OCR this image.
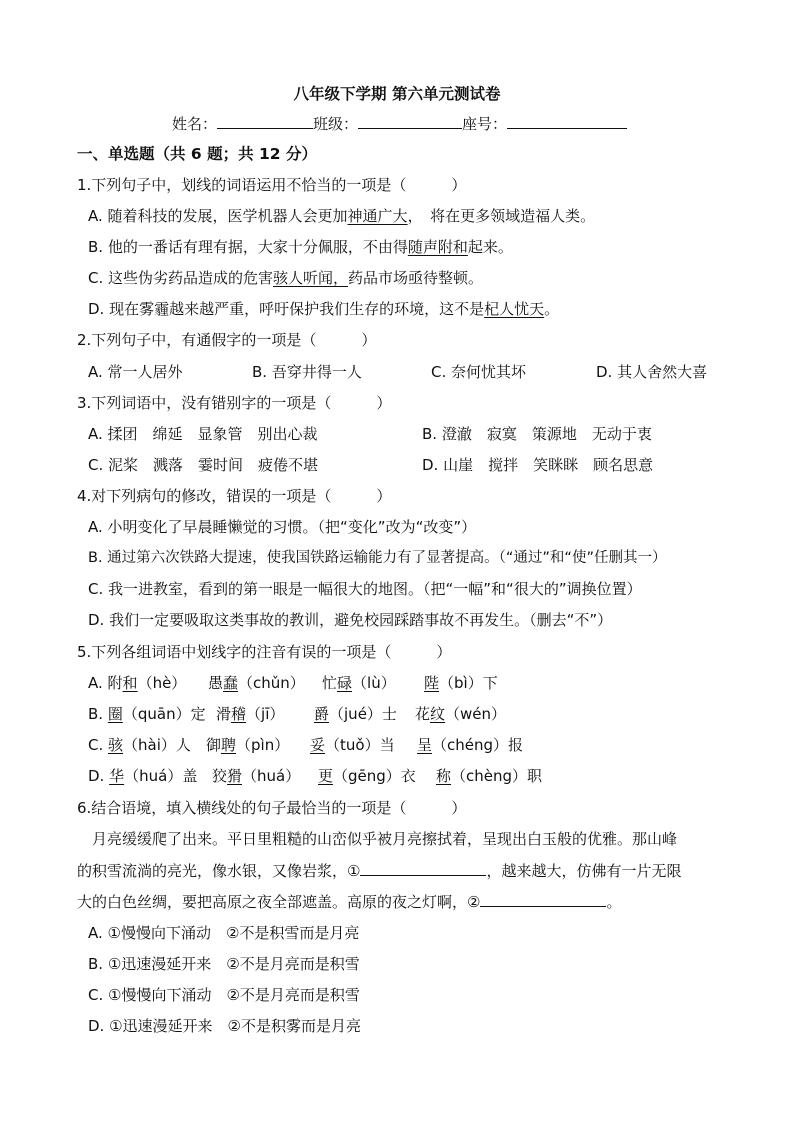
八年级下学期 第六单元测试卷
姓名：	班级：	座号：
一、单选题（共 6 题；共 12 分）
1.下列句子中，划线的词语运用不恰当的一项是（　　　）
A. 随着科技的发展，医学机器人会更加神通广大，　将在更多领域造福人类。
B. 他的一番话有理有据，大家十分佩服，不由得随声附和起来。
C. 这些伪劣药品造成的危害骇人听闻，药品市场亟待整顿。
D. 现在雾霾越来越严重，呼吁保护我们生存的环境，这不是杞人忧天。
2.下列句子中，有通假字的一项是（　　　）
A. 常一人居外	B. 吾穿井得一人	C. 奈何忧其坏	D. 其人舍然大喜
3.下列词语中，没有错别字的一项是（　　　）
A. 揉团　绵延　显象管　别出心裁	B. 澄澈　寂寞　策源地　无动于衷
C. 泥桨　溅落　霎时间　疲倦不堪	D. 山崖　搅拌　笑眯眯　顾名思意
4.对下列病句的修改，错误的一项是（　　　）
A. 小明变化了早晨睡懒觉的习惯。（把“变化”改为“改变”）
B. 通过第六次铁路大提速，使我国铁路运输能力有了显著提高。（“通过”和“使”任删其一）
C. 我一进教室，看到的第一眼是一幅很大的地图。（把“一幅”和“很大的”调换位置）
D. 我们一定要吸取这类事故的教训，避免校园踩踏事故不再发生。（删去“不”）
5.下列各组词语中划线字的注音有误的一项是（　　　）
A. 附和（hè） 愚蠢（chǔn） 忙碌（lù） 陛（bì）下
B. 圈（quān）定 滑稽（jī） 爵（jué）士 花纹（wén）
C. 骇（hài）人 御聘（pìn） 妥（tuǒ）当 呈（chéng）报
D. 华（huá）盖 狡猾（huá） 更（gēng）衣 称（chèng）职
6.结合语境，填入横线处的句子最恰当的一项是（　　　）
月亮缓缓爬了出来。平日里粗糙的山峦似乎被月亮擦拭着，呈现出白玉般的优雅。那山峰
的积雪流淌的亮光，像水银，又像岩浆，①	，越来越大，仿佛有一片无限
大的白色丝绸，要把高原之夜全部遮盖。高原的夜之灯啊，②	。
A. ①慢慢向下涌动　②不是积雪而是月亮
B. ①迅速漫延开来　②不是月亮而是积雪
C. ①慢慢向下涌动　②不是月亮而是积雪
D. ①迅速漫延开来　②不是积雾而是月亮
